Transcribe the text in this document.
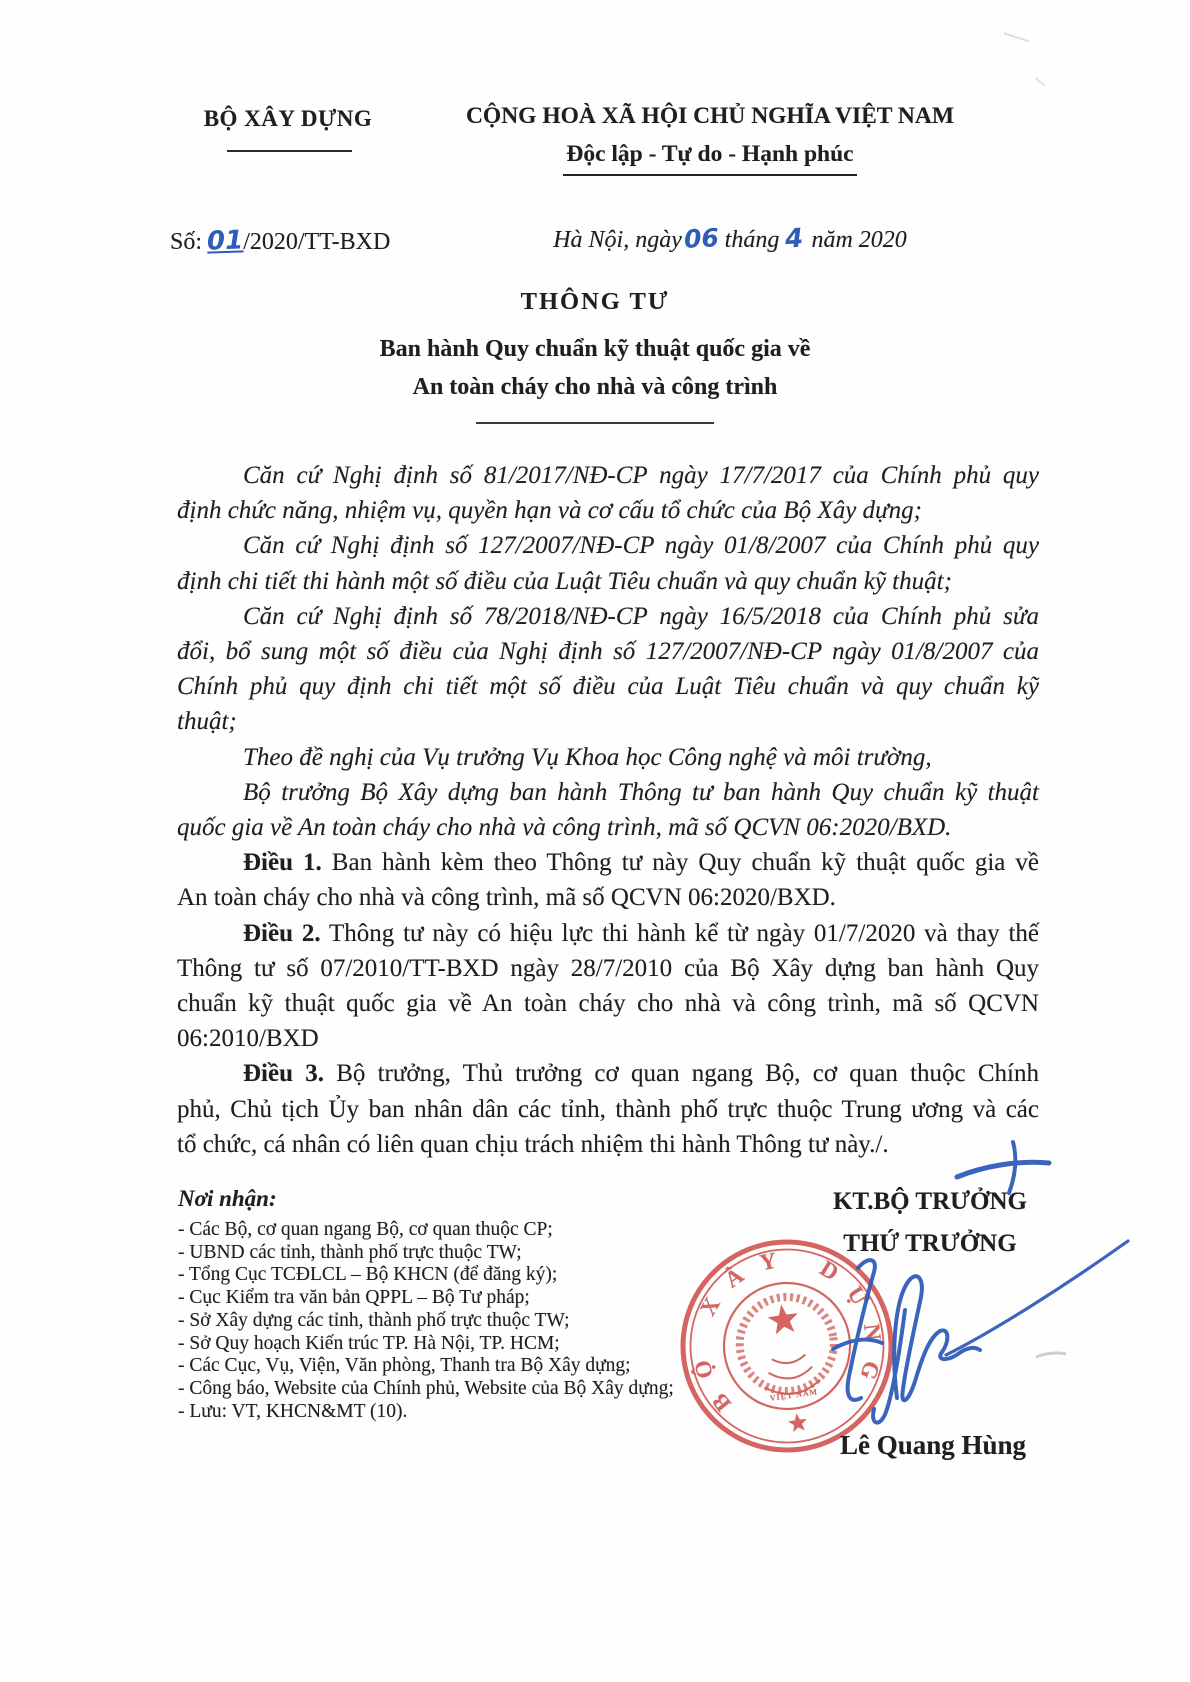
BỘ XÂY DỰNG	CỘNG HOÀ XÃ HỘI CHỦ NGHĨA VIỆT NAM
Độc lập - Tự do - Hạnh phúc
Số: 01/2020/TT-BXD	Hà Nội, ngày06 tháng 4 năm 2020
THÔNG TƯ
Ban hành Quy chuẩn kỹ thuật quốc gia về
An toàn cháy cho nhà và công trình
Căn cứ Nghị định số 81/2017/NĐ-CP ngày 17/7/2017 của Chính phủ quy
định chức năng, nhiệm vụ, quyền hạn và cơ cấu tổ chức của Bộ Xây dựng;
Căn cứ Nghị định số 127/2007/NĐ-CP ngày 01/8/2007 của Chính phủ quy
định chi tiết thi hành một số điều của Luật Tiêu chuẩn và quy chuẩn kỹ thuật;
Căn cứ Nghị định số 78/2018/NĐ-CP ngày 16/5/2018 của Chính phủ sửa
đổi, bổ sung một số điều của Nghị định số 127/2007/NĐ-CP ngày 01/8/2007 của
Chính phủ quy định chi tiết một số điều của Luật Tiêu chuẩn và quy chuẩn kỹ
thuật;
Theo đề nghị của Vụ trưởng Vụ Khoa học Công nghệ và môi trường,
Bộ trưởng Bộ Xây dựng ban hành Thông tư ban hành Quy chuẩn kỹ thuật
quốc gia về An toàn cháy cho nhà và công trình, mã số QCVN 06:2020/BXD.
Điều 1. Ban hành kèm theo Thông tư này Quy chuẩn kỹ thuật quốc gia về
An toàn cháy cho nhà và công trình, mã số QCVN 06:2020/BXD.
Điều 2. Thông tư này có hiệu lực thi hành kể từ ngày 01/7/2020 và thay thế
Thông tư số 07/2010/TT-BXD ngày 28/7/2010 của Bộ Xây dựng ban hành Quy
chuẩn kỹ thuật quốc gia về An toàn cháy cho nhà và công trình, mã số QCVN
06:2010/BXD
Điều 3. Bộ trưởng, Thủ trưởng cơ quan ngang Bộ, cơ quan thuộc Chính
phủ, Chủ tịch Ủy ban nhân dân các tỉnh, thành phố trực thuộc Trung ương và các
tổ chức, cá nhân có liên quan chịu trách nhiệm thi hành Thông tư này./.
Nơi nhận:
- Các Bộ, cơ quan ngang Bộ, cơ quan thuộc CP;
- UBND các tỉnh, thành phố trực thuộc TW;
- Tổng Cục TCĐLCL – Bộ KHCN (để đăng ký);
- Cục Kiểm tra văn bản QPPL – Bộ Tư pháp;
- Sở Xây dựng các tỉnh, thành phố trực thuộc TW;
- Sở Quy hoạch Kiến trúc TP. Hà Nội, TP. HCM;
- Các Cục, Vụ, Viện, Văn phòng, Thanh tra Bộ Xây dựng;
- Công báo, Website của Chính phủ, Website của Bộ Xây dựng;
- Lưu: VT, KHCN&MT (10).
KT.BỘ TRƯỞNG
THỨ TRƯỞNG
Lê Quang Hùng
BỘ XÂY DỰNG
VIỆT NAM
